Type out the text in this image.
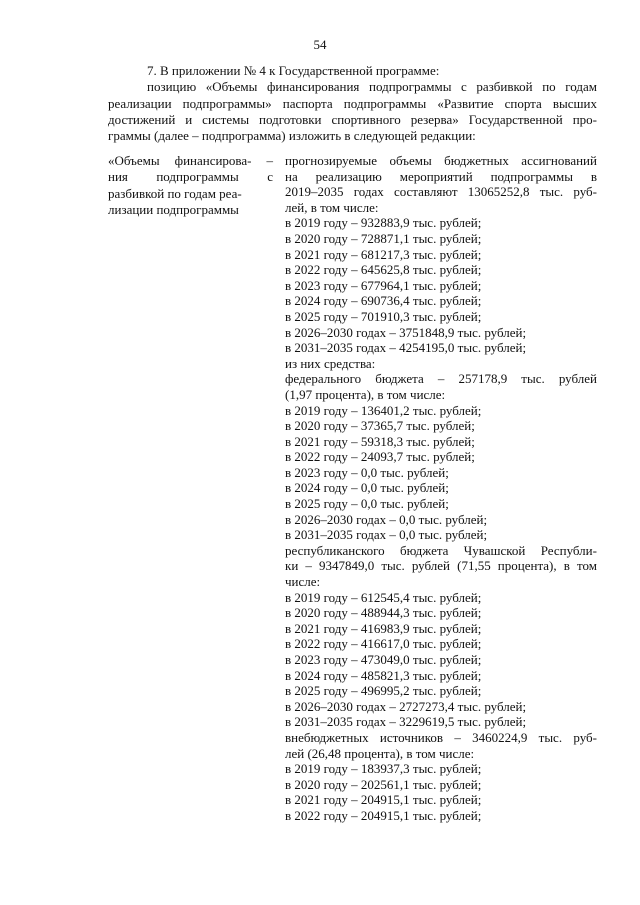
54

7. В приложении № 4 к Государственной программе:

позицию «Объемы финансирования подпрограммы с разбивкой по годам
реализации подпрограммы» паспорта подпрограммы «Развитие спорта высших
достижений и системы подготовки спортивного резерва» Государственной про-
граммы (далее – подпрограмма) изложить в следующей редакции:
«Объемы финансирова- –
ния подпрограммы с
разбивкой по годам реа-
лизации подпрограммы
прогнозируемые объемы бюджетных ассигнований
на реализацию мероприятий подпрограммы в
2019–2035 годах составляют 13065252,8 тыс. руб-
лей, в том числе:
в 2019 году – 932883,9 тыс. рублей;
в 2020 году – 728871,1 тыс. рублей;
в 2021 году – 681217,3 тыс. рублей;
в 2022 году – 645625,8 тыс. рублей;
в 2023 году – 677964,1 тыс. рублей;
в 2024 году – 690736,4 тыс. рублей;
в 2025 году – 701910,3 тыс. рублей;
в 2026–2030 годах – 3751848,9 тыс. рублей;
в 2031–2035 годах – 4254195,0 тыс. рублей;
из них средства:
федерального бюджета – 257178,9 тыс. рублей
(1,97 процента), в том числе:
в 2019 году – 136401,2 тыс. рублей;
в 2020 году – 37365,7 тыс. рублей;
в 2021 году – 59318,3 тыс. рублей;
в 2022 году – 24093,7 тыс. рублей;
в 2023 году – 0,0 тыс. рублей;
в 2024 году – 0,0 тыс. рублей;
в 2025 году – 0,0 тыс. рублей;
в 2026–2030 годах – 0,0 тыс. рублей;
в 2031–2035 годах – 0,0 тыс. рублей;
республиканского бюджета Чувашской Республи-
ки – 9347849,0 тыс. рублей (71,55 процента), в том
числе:
в 2019 году – 612545,4 тыс. рублей;
в 2020 году – 488944,3 тыс. рублей;
в 2021 году – 416983,9 тыс. рублей;
в 2022 году – 416617,0 тыс. рублей;
в 2023 году – 473049,0 тыс. рублей;
в 2024 году – 485821,3 тыс. рублей;
в 2025 году – 496995,2 тыс. рублей;
в 2026–2030 годах – 2727273,4 тыс. рублей;
в 2031–2035 годах – 3229619,5 тыс. рублей;
внебюджетных источников – 3460224,9 тыс. руб-
лей (26,48 процента), в том числе:
в 2019 году – 183937,3 тыс. рублей;
в 2020 году – 202561,1 тыс. рублей;
в 2021 году – 204915,1 тыс. рублей;
в 2022 году – 204915,1 тыс. рублей;
